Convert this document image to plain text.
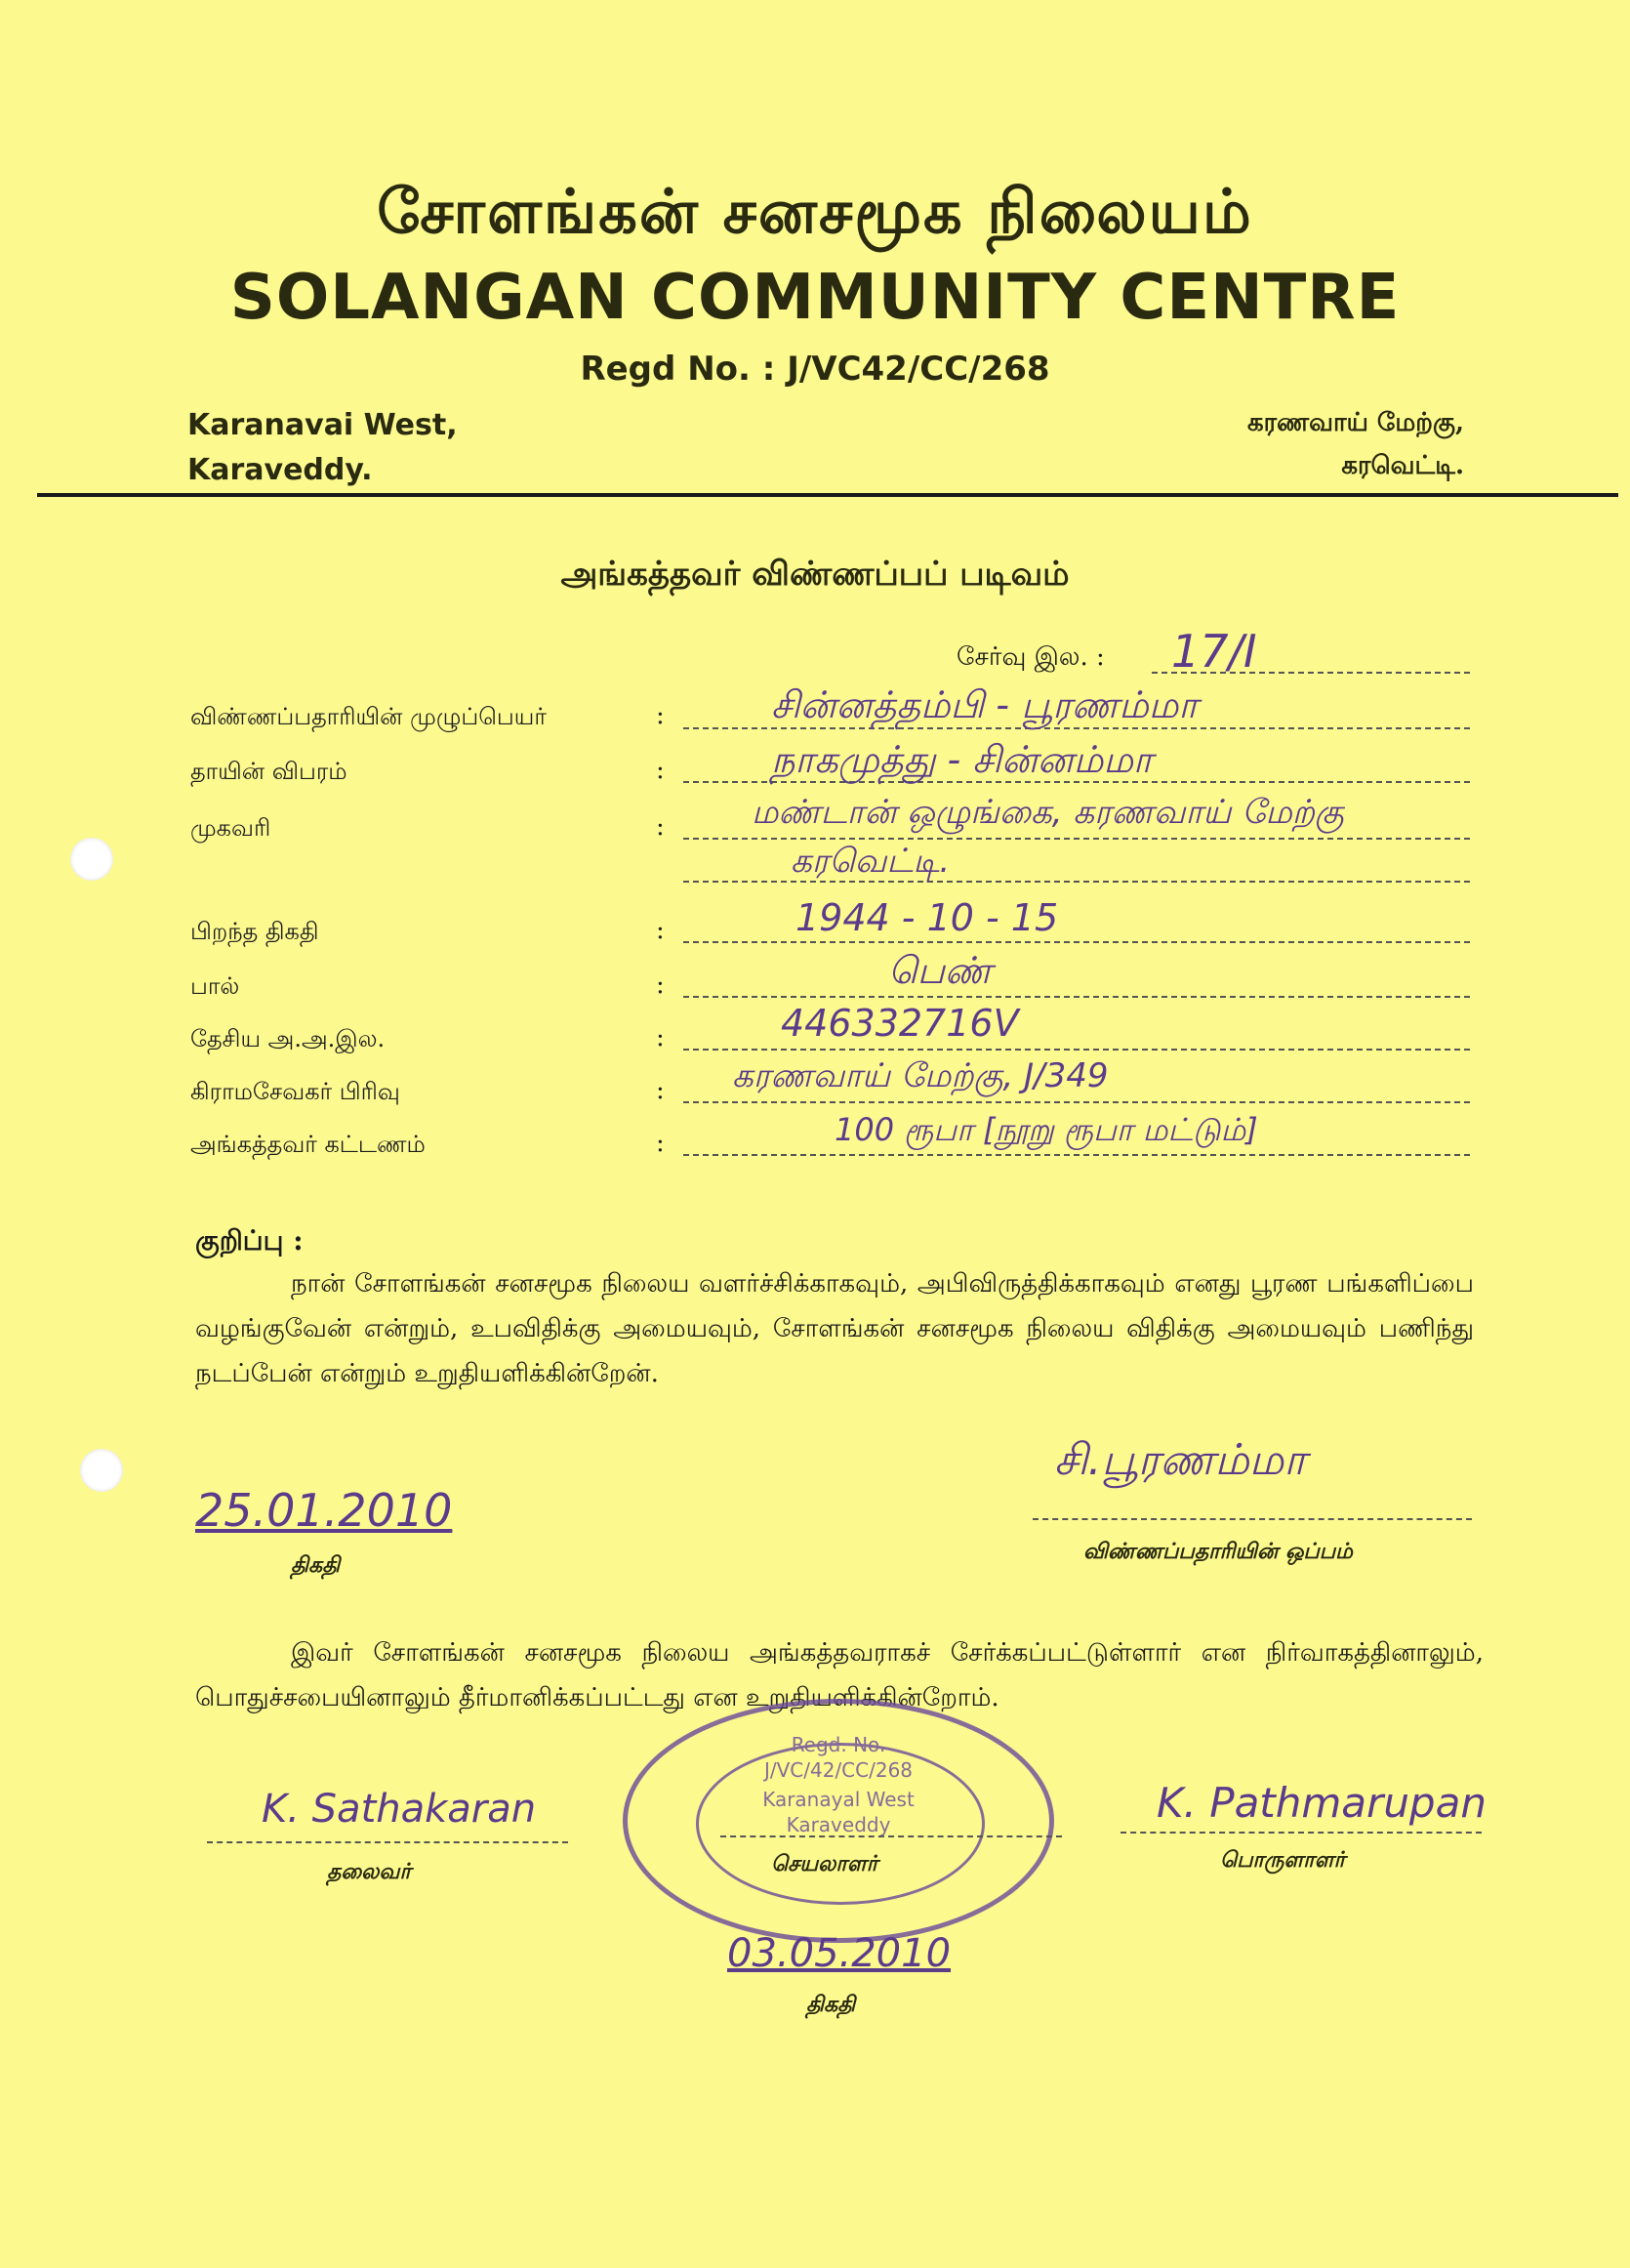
சோளங்கன் சனசமூக நிலையம்
SOLANGAN COMMUNITY CENTRE
Regd No. : J/VC42/CC/268
Karanavai West,
Karaveddy.
கரணவாய் மேற்கு,
கரவெட்டி.
அங்கத்தவர் விண்ணப்பப் படிவம்
சேர்வு இல. : 17/I
விண்ணப்பதாரியின் முழுப்பெயர்	:	சின்னத்தம்பி - பூரணம்மா
தாயின் விபரம்	:	நாகமுத்து - சின்னம்மா
முகவரி	:	மண்டான் ஒழுங்கை, கரணவாய் மேற்கு
கரவெட்டி.
பிறந்த திகதி	:	1944 - 10 - 15
பால்	:	பெண்
தேசிய அ.அ.இல.	:	446332716V
கிராமசேவகர் பிரிவு	: கரணவாய் மேற்கு, J/349
அங்கத்தவர் கட்டணம்	:	100 ரூபா [நூறு ரூபா மட்டும்]
குறிப்பு :
நான் சோளங்கன் சனசமூக நிலைய வளர்ச்சிக்காகவும், அபிவிருத்திக்காகவும் எனது பூரண பங்களிப்பை வழங்குவேன் என்றும், உபவிதிக்கு அமையவும், சோளங்கன் சனசமூக நிலைய விதிக்கு அமையவும் பணிந்து நடப்பேன் என்றும் உறுதியளிக்கின்றேன்.
25.01.2010
திகதி
சி.பூரணம்மா
விண்ணப்பதாரியின் ஒப்பம்
இவர் சோளங்கன் சனசமூக நிலைய அங்கத்தவராகச் சேர்க்கப்பட்டுள்ளார் என நிர்வாகத்தினாலும், பொதுச்சபையினாலும் தீர்மானிக்கப்பட்டது என உறுதியளிக்கின்றோம்.
Regd. No.
J/VC/42/CC/268
Karanayal West
Karaveddy
K. Sathakaran
தலைவர்	செயலாளர்
K. Pathmarupan
பொருளாளர்
03.05.2010
திகதி
